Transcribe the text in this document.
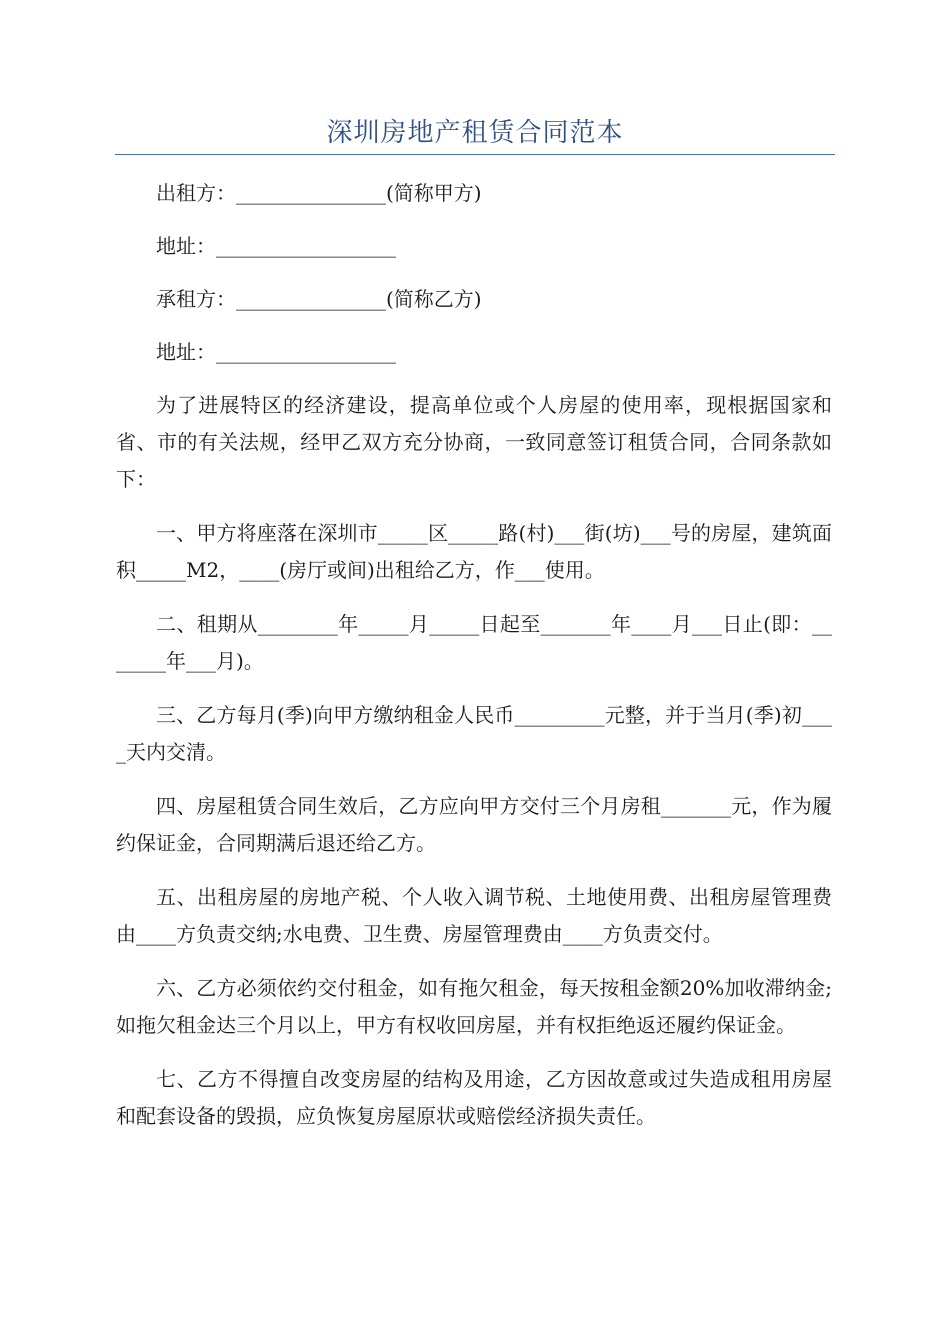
深圳房地产租赁合同范本

出租方：_______________(简称甲方)

地址：__________________

承租方：_______________(简称乙方)

地址：__________________

为了进展特区的经济建设，提高单位或个人房屋的使用率，现根据国家和省、市的有关法规，经甲乙双方充分协商，一致同意签订租赁合同，合同条款如下：

一、甲方将座落在深圳市_____区_____路(村)___街(坊)___号的房屋，建筑面积_____M2，____(房厅或间)出租给乙方，作___使用。

二、租期从________年_____月_____日起至_______年____月___日止(即：_______年___月)。

三、乙方每月(季)向甲方缴纳租金人民币_________元整，并于当月(季)初____天内交清。

四、房屋租赁合同生效后，乙方应向甲方交付三个月房租_______元，作为履约保证金，合同期满后退还给乙方。

五、出租房屋的房地产税、个人收入调节税、土地使用费、出租房屋管理费由____方负责交纳;水电费、卫生费、房屋管理费由____方负责交付。

六、乙方必须依约交付租金，如有拖欠租金，每天按租金额20%加收滞纳金;如拖欠租金达三个月以上，甲方有权收回房屋，并有权拒绝返还履约保证金。

七、乙方不得擅自改变房屋的结构及用途，乙方因故意或过失造成租用房屋和配套设备的毁损，应负恢复房屋原状或赔偿经济损失责任。
